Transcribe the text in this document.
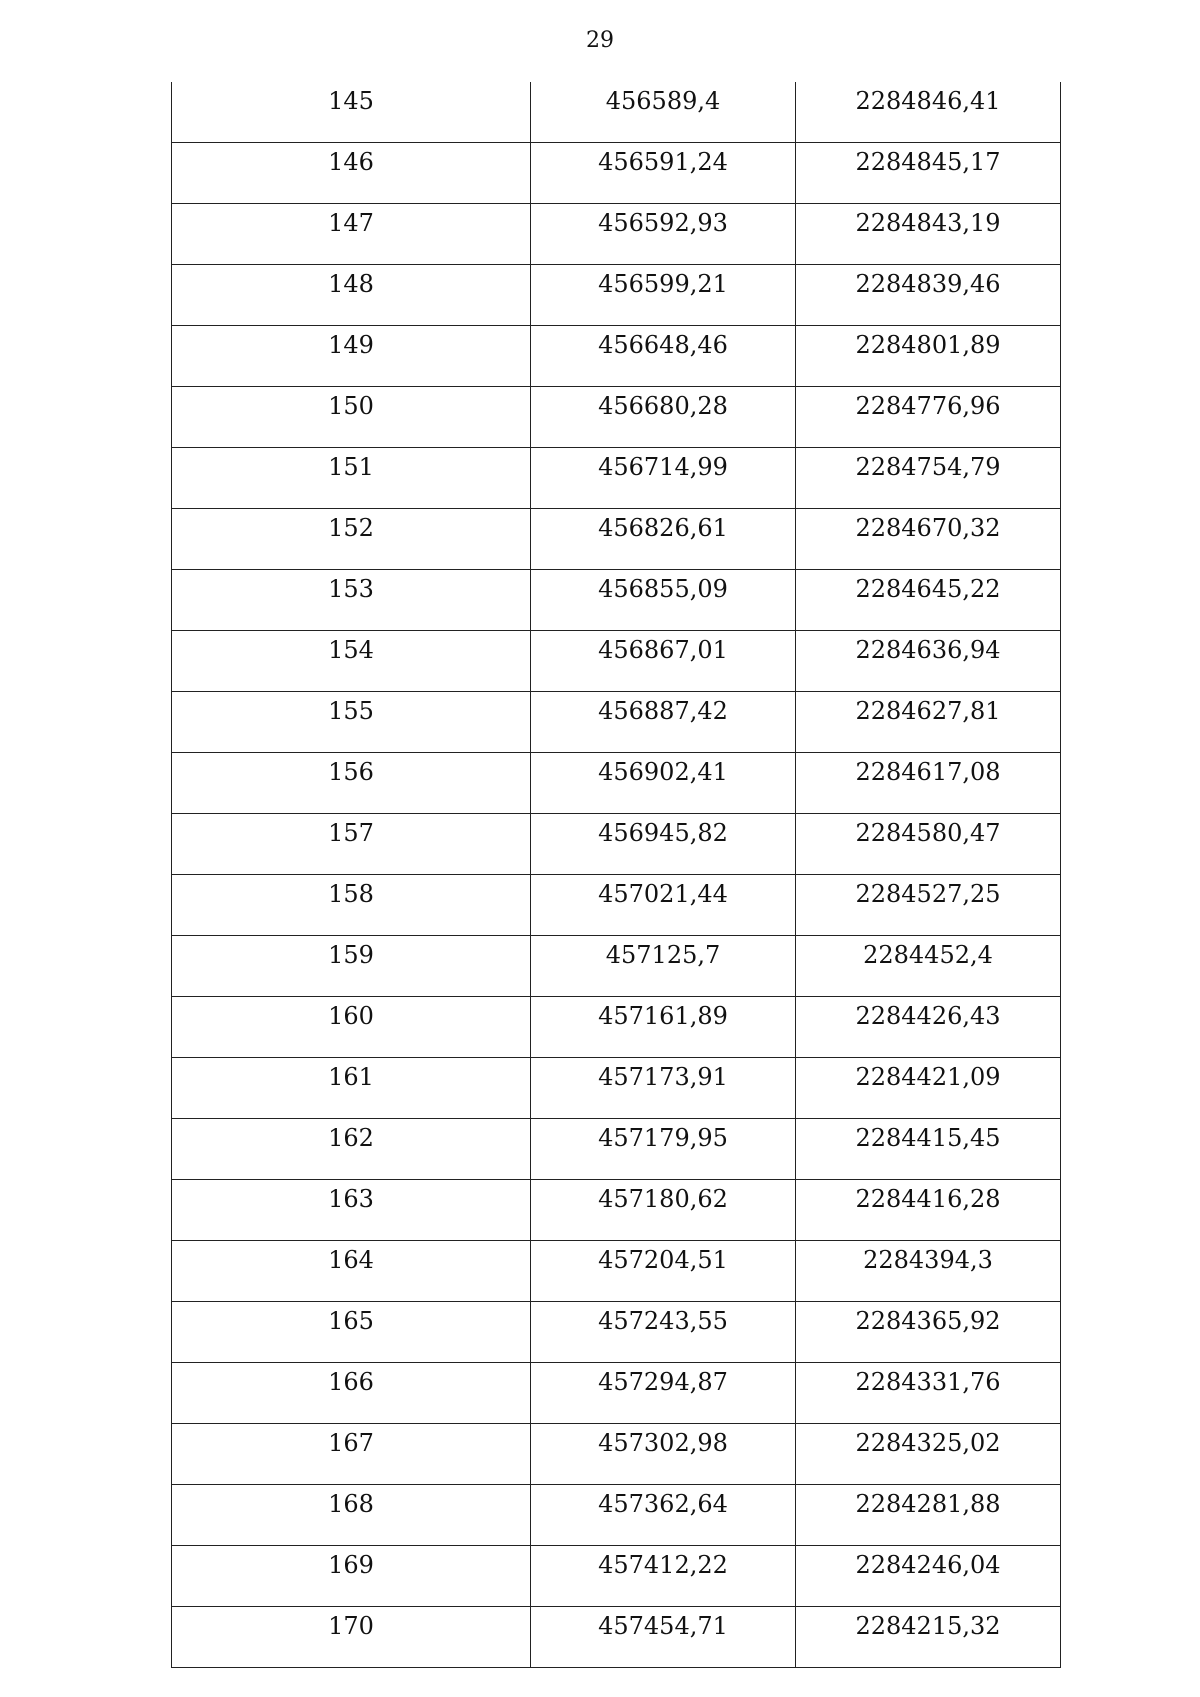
29
145	456589,4	2284846,41
146	456591,24	2284845,17
147	456592,93	2284843,19
148	456599,21	2284839,46
149	456648,46	2284801,89
150	456680,28	2284776,96
151	456714,99	2284754,79
152	456826,61	2284670,32
153	456855,09	2284645,22
154	456867,01	2284636,94
155	456887,42	2284627,81
156	456902,41	2284617,08
157	456945,82	2284580,47
158	457021,44	2284527,25
159	457125,7	2284452,4
160	457161,89	2284426,43
161	457173,91	2284421,09
162	457179,95	2284415,45
163	457180,62	2284416,28
164	457204,51	2284394,3
165	457243,55	2284365,92
166	457294,87	2284331,76
167	457302,98	2284325,02
168	457362,64	2284281,88
169	457412,22	2284246,04
170	457454,71	2284215,32
